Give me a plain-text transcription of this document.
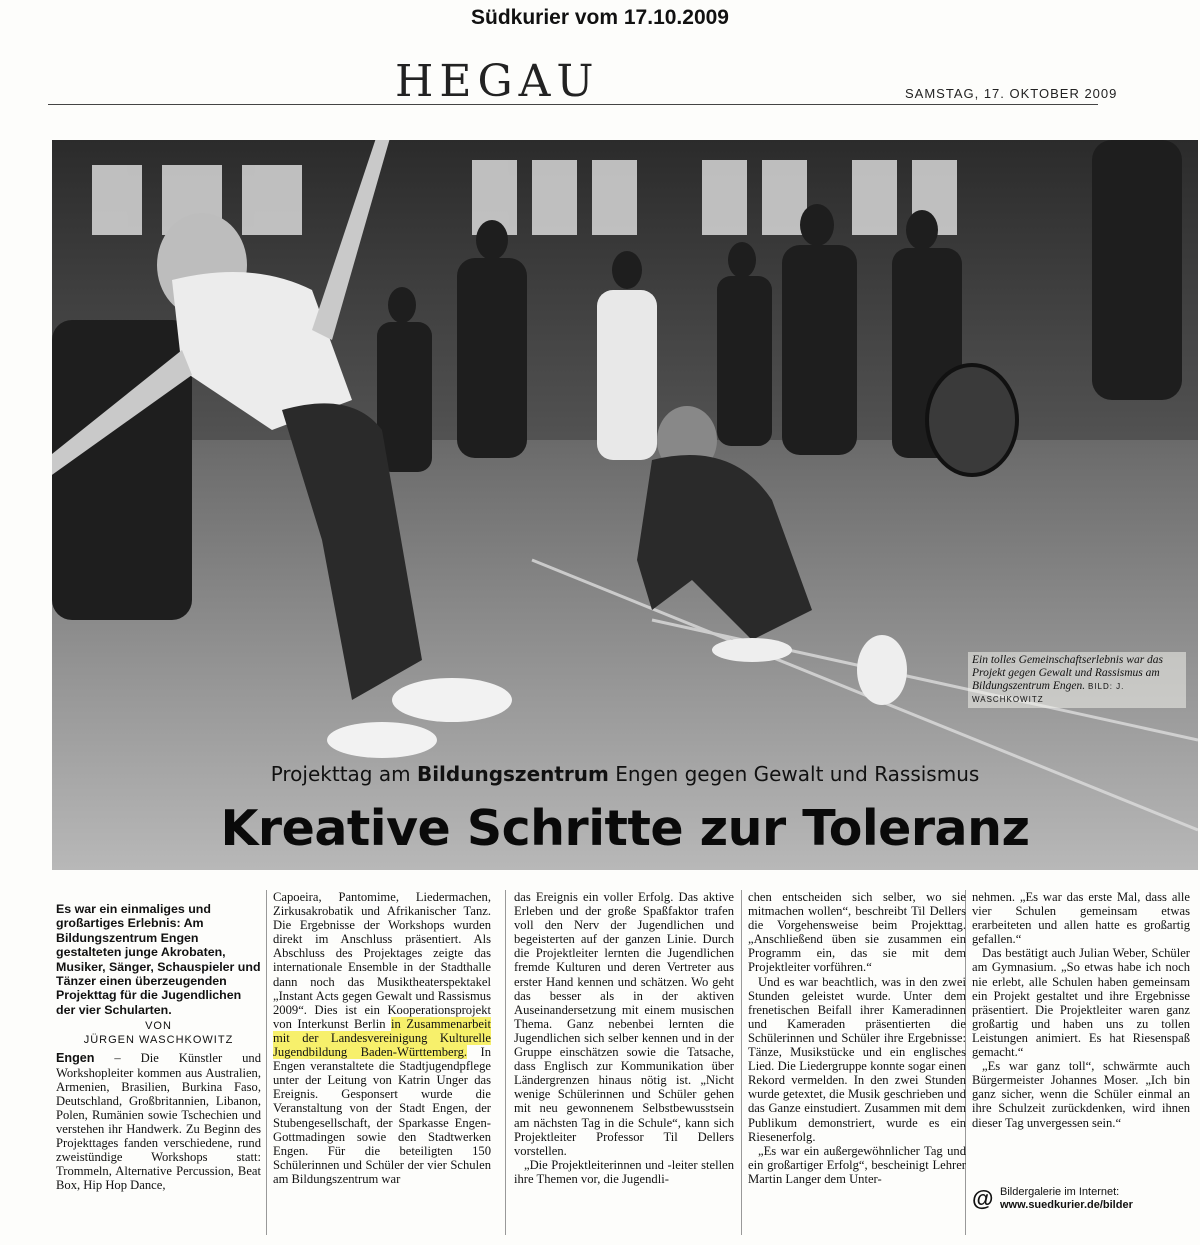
Südkurier vom 17.10.2009
HEGAU	SAMSTAG, 17. OKTOBER 2009
Ein tolles Gemeinschaftserlebnis war das Projekt gegen Gewalt und Rassismus am Bildungszentrum Engen. BILD: J. WASCHKOWITZ
Projekttag am Bildungszentrum Engen gegen Gewalt und Rassismus
Kreative Schritte zur Toleranz
Es war ein einmaliges und großartiges Erlebnis: Am Bildungszentrum Engen gestalteten junge Akrobaten, Musiker, Sänger, Schauspieler und Tänzer einen überzeugenden Projekttag für die Jugendlichen der vier Schularten.
VON
JÜRGEN WASCHKOWITZ

Engen – Die Künstler und Workshopleiter kommen aus Australien, Armenien, Brasilien, Burkina Faso, Deutschland, Großbritannien, Libanon, Polen, Rumänien sowie Tschechien und verstehen ihr Handwerk. Zu Beginn des Projekttages fanden verschiedene, rund zweistündige Workshops statt: Trommeln, Alternative Percussion, Beat Box, Hip Hop Dance,

Capoeira, Pantomime, Liedermachen, Zirkusakrobatik und Afrikanischer Tanz. Die Ergebnisse der Workshops wurden direkt im Anschluss präsentiert. Als Abschluss des Projektages zeigte das internationale Ensemble in der Stadthalle dann noch das Musiktheaterspektakel „Instant Acts gegen Gewalt und Rassismus 2009“. Dies ist ein Kooperationsprojekt von Interkunst Berlin in Zusammenarbeit mit der Landesvereinigung Kulturelle Jugendbildung Baden-Württemberg. In Engen veranstaltete die Stadtjugendpflege unter der Leitung von Katrin Unger das Ereignis. Gesponsert wurde die Veranstaltung von der Stadt Engen, der Stubengesellschaft, der Sparkasse Engen-Gottmadingen sowie den Stadtwerken Engen. Für die beteiligten 150 Schülerinnen und Schüler der vier Schulen am Bildungszentrum war

das Ereignis ein voller Erfolg. Das aktive Erleben und der große Spaßfaktor trafen voll den Nerv der Jugendlichen und begeisterten auf der ganzen Linie. Durch die Projektleiter lernten die Jugendlichen fremde Kulturen und deren Vertreter aus erster Hand kennen und schätzen. Wo geht das besser als in der aktiven Auseinandersetzung mit einem musischen Thema. Ganz nebenbei lernten die Jugendlichen sich selber kennen und in der Gruppe einschätzen sowie die Tatsache, dass Englisch zur Kommunikation über Ländergrenzen hinaus nötig ist. „Nicht wenige Schülerinnen und Schüler gehen mit neu gewonnenem Selbstbewusstsein am nächsten Tag in die Schule“, kann sich Projektleiter Professor Til Dellers vorstellen.

„Die Projektleiterinnen und -leiter stellen ihre Themen vor, die Jugendli-

chen entscheiden sich selber, wo sie mitmachen wollen“, beschreibt Til Dellers die Vorgehensweise beim Projekttag. „Anschließend üben sie zusammen ein Programm ein, das sie mit dem Projektleiter vorführen.“

Und es war beachtlich, was in den zwei Stunden geleistet wurde. Unter dem frenetischen Beifall ihrer Kameradinnen und Kameraden präsentierten die Schülerinnen und Schüler ihre Ergebnisse: Tänze, Musikstücke und ein englisches Lied. Die Liedergruppe konnte sogar einen Rekord vermelden. In den zwei Stunden wurde getextet, die Musik geschrieben und das Ganze einstudiert. Zusammen mit dem Publikum demonstriert, wurde es ein Riesenerfolg.

„Es war ein außergewöhnlicher Tag und ein großartiger Erfolg“, bescheinigt Lehrer Martin Langer dem Unter-

nehmen. „Es war das erste Mal, dass alle vier Schulen gemeinsam etwas erarbeiteten und allen hatte es großartig gefallen.“

Das bestätigt auch Julian Weber, Schüler am Gymnasium. „So etwas habe ich noch nie erlebt, alle Schulen haben gemeinsam ein Projekt gestaltet und ihre Ergebnisse präsentiert. Die Projektleiter waren ganz großartig und haben uns zu tollen Leistungen animiert. Es hat Riesenspaß gemacht.“

„Es war ganz toll“, schwärmte auch Bürgermeister Johannes Moser. „Ich bin ganz sicher, wenn die Schüler einmal an ihre Schulzeit zurückdenken, wird ihnen dieser Tag unvergessen sein.“

@ Bildergalerie im Internet:
www.suedkurier.de/bilder
